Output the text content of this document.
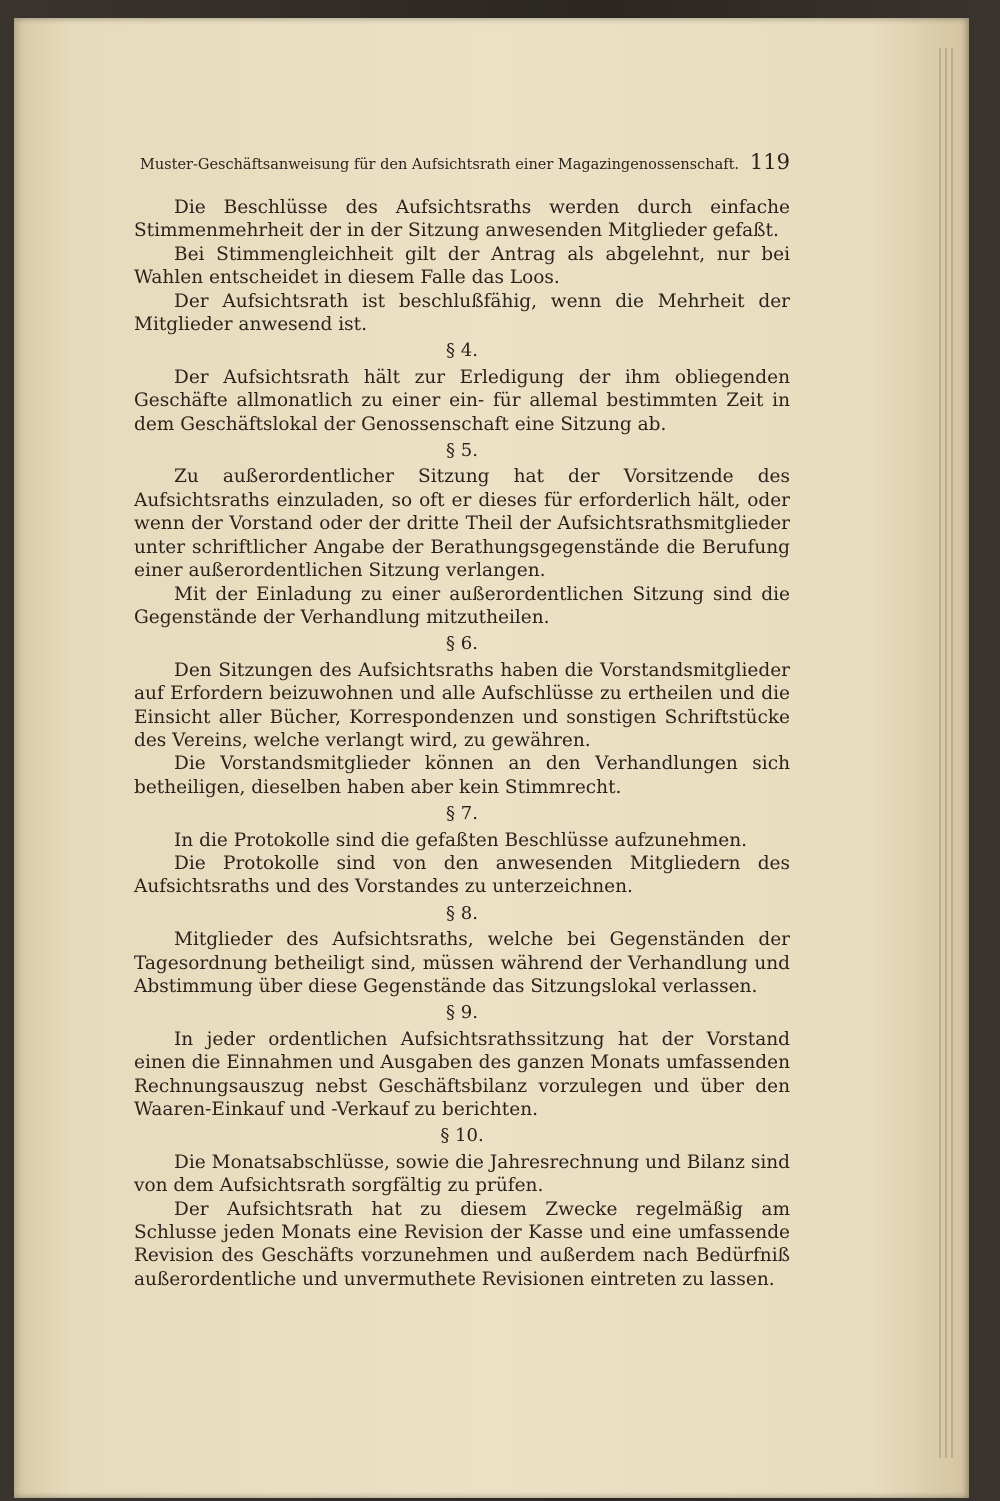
Muster-Geschäftsanweisung für den Aufsichtsrath einer Magazingenossenschaft. 119

Die Beschlüsse des Aufsichtsraths werden durch einfache Stimmenmehrheit der in der Sitzung anwesenden Mitglieder gefaßt.

Bei Stimmengleichheit gilt der Antrag als abgelehnt, nur bei Wahlen entscheidet in diesem Falle das Loos.

Der Aufsichtsrath ist beschlußfähig, wenn die Mehrheit der Mitglieder anwesend ist.

§ 4.

Der Aufsichtsrath hält zur Erledigung der ihm obliegenden Geschäfte allmonatlich zu einer ein- für allemal bestimmten Zeit in dem Geschäftslokal der Genossenschaft eine Sitzung ab.

§ 5.

Zu außerordentlicher Sitzung hat der Vorsitzende des Aufsichtsraths einzuladen, so oft er dieses für erforderlich hält, oder wenn der Vorstand oder der dritte Theil der Aufsichtsrathsmitglieder unter schriftlicher Angabe der Berathungsgegenstände die Berufung einer außerordentlichen Sitzung verlangen.

Mit der Einladung zu einer außerordentlichen Sitzung sind die Gegenstände der Verhandlung mitzutheilen.

§ 6.

Den Sitzungen des Aufsichtsraths haben die Vorstandsmitglieder auf Erfordern beizuwohnen und alle Aufschlüsse zu ertheilen und die Einsicht aller Bücher, Korrespondenzen und sonstigen Schriftstücke des Vereins, welche verlangt wird, zu gewähren.

Die Vorstandsmitglieder können an den Verhandlungen sich betheiligen, dieselben haben aber kein Stimmrecht.

§ 7.

In die Protokolle sind die gefaßten Beschlüsse aufzunehmen.

Die Protokolle sind von den anwesenden Mitgliedern des Aufsichtsraths und des Vorstandes zu unterzeichnen.

§ 8.

Mitglieder des Aufsichtsraths, welche bei Gegenständen der Tagesordnung betheiligt sind, müssen während der Verhandlung und Abstimmung über diese Gegenstände das Sitzungslokal verlassen.

§ 9.

In jeder ordentlichen Aufsichtsrathssitzung hat der Vorstand einen die Einnahmen und Ausgaben des ganzen Monats umfassenden Rechnungsauszug nebst Geschäftsbilanz vorzulegen und über den Waaren-Einkauf und -Verkauf zu berichten.

§ 10.

Die Monatsabschlüsse, sowie die Jahresrechnung und Bilanz sind von dem Aufsichtsrath sorgfältig zu prüfen.

Der Aufsichtsrath hat zu diesem Zwecke regelmäßig am Schlusse jeden Monats eine Revision der Kasse und eine umfassende Revision des Geschäfts vorzunehmen und außerdem nach Bedürfniß außerordentliche und unvermuthete Revisionen eintreten zu lassen.
